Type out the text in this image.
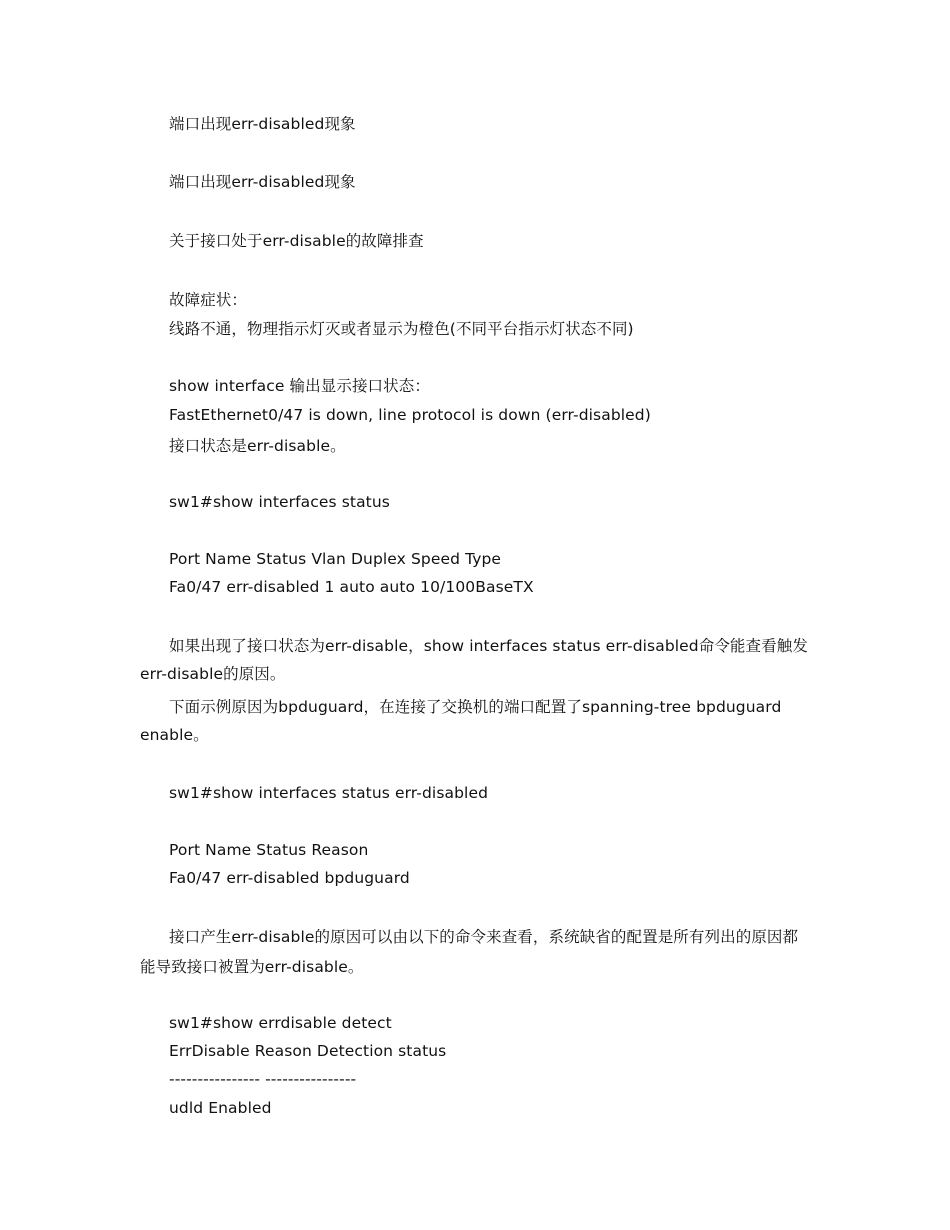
端口出现err-disabled现象
端口出现err-disabled现象
关于接口处于err-disable的故障排查
故障症状：
线路不通，物理指示灯灭或者显示为橙色(不同平台指示灯状态不同)
show interface 输出显示接口状态：
FastEthernet0/47 is down, line protocol is down (err-disabled)
接口状态是err-disable。
sw1#show interfaces status
Port Name Status Vlan Duplex Speed Type
Fa0/47 err-disabled 1 auto auto 10/100BaseTX
如果出现了接口状态为err-disable，show interfaces status err-disabled命令能查看触发
err-disable的原因。
下面示例原因为bpduguard，在连接了交换机的端口配置了spanning-tree bpduguard
enable。
sw1#show interfaces status err-disabled
Port Name Status Reason
Fa0/47 err-disabled bpduguard
接口产生err-disable的原因可以由以下的命令来查看，系统缺省的配置是所有列出的原因都
能导致接口被置为err-disable。
sw1#show errdisable detect
ErrDisable Reason Detection status
---------------- ----------------
udld Enabled
